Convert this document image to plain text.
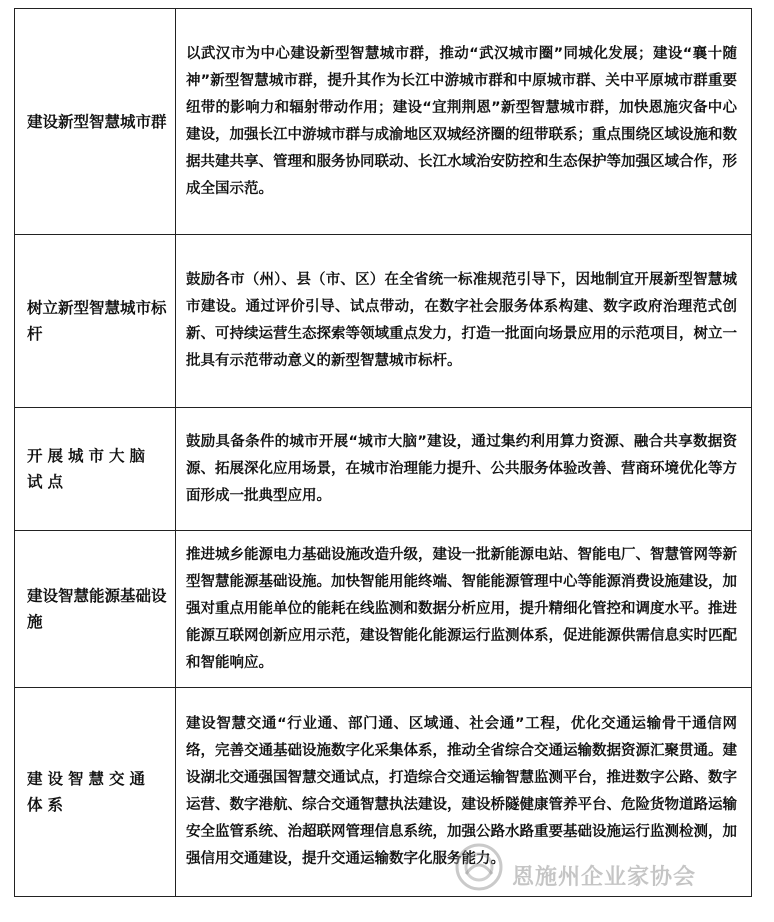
建设新型智慧城市群	以武汉市为中心建设新型智慧城市群，推动“武汉城市圈”同城化发展；建设“襄十随神”新型智慧城市群，提升其作为长江中游城市群和中原城市群、关中平原城市群重要纽带的影响力和辐射带动作用；建设“宜荆荆恩”新型智慧城市群，加快恩施灾备中心建设，加强长江中游城市群与成渝地区双城经济圈的纽带联系；重点围绕区域设施和数据共建共享、管理和服务协同联动、长江水域治安防控和生态保护等加强区域合作，形成全国示范。
树立新型智慧城市标杆	鼓励各市（州）、县（市、区）在全省统一标准规范引导下，因地制宜开展新型智慧城市建设。通过评价引导、试点带动，在数字社会服务体系构建、数字政府治理范式创新、可持续运营生态探索等领域重点发力，打造一批面向场景应用的示范项目，树立一批具有示范带动意义的新型智慧城市标杆。
开展城市大脑试点	鼓励具备条件的城市开展“城市大脑”建设，通过集约利用算力资源、融合共享数据资源、拓展深化应用场景，在城市治理能力提升、公共服务体验改善、营商环境优化等方面形成一批典型应用。
建设智慧能源基础设施	推进城乡能源电力基础设施改造升级，建设一批新能源电站、智能电厂、智慧管网等新型智慧能源基础设施。加快智能用能终端、智能能源管理中心等能源消费设施建设，加强对重点用能单位的能耗在线监测和数据分析应用，提升精细化管控和调度水平。推进能源互联网创新应用示范，建设智能化能源运行监测体系，促进能源供需信息实时匹配和智能响应。
建设智慧交通体系	建设智慧交通“行业通、部门通、区域通、社会通”工程，优化交通运输骨干通信网络，完善交通基础设施数字化采集体系，推动全省综合交通运输数据资源汇聚贯通。建设湖北交通强国智慧交通试点，打造综合交通运输智慧监测平台，推进数字公路、数字运营、数字港航、综合交通智慧执法建设，建设桥隧健康管养平台、危险货物道路运输安全监管系统、治超联网管理信息系统，加强公路水路重要基础设施运行监测检测，加强信用交通建设，提升交通运输数字化服务能力。
恩施州企业家协会
